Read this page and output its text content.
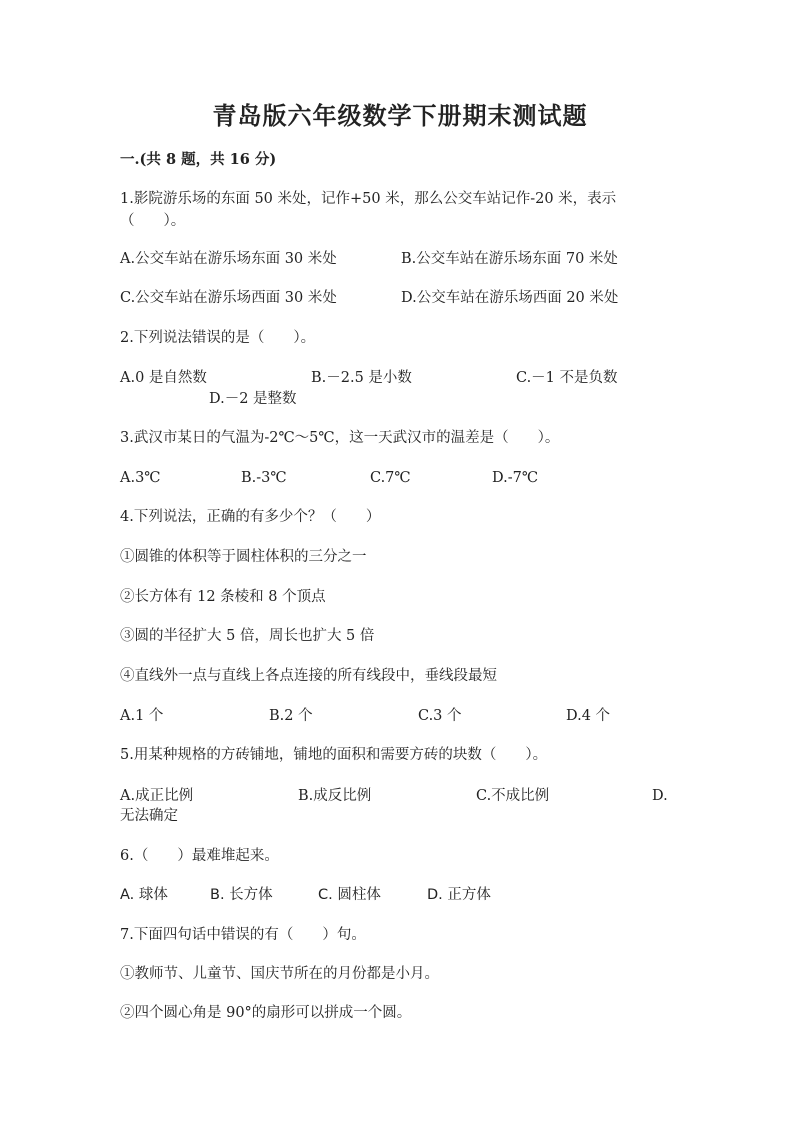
青岛版六年级数学下册期末测试题
一.(共 8 题，共 16 分)
1.影院游乐场的东面 50 米处，记作+50 米，那么公交车站记作-20 米，表示
（　　）。
A.公交车站在游乐场东面 30 米处	B.公交车站在游乐场东面 70 米处
C.公交车站在游乐场西面 30 米处	D.公交车站在游乐场西面 20 米处
2.下列说法错误的是（　　）。
A.0 是自然数	B.－2.5 是小数	C.－1 不是负数
D.－2 是整数
3.武汉市某日的气温为-2℃～5℃，这一天武汉市的温差是（　　）。
A.3℃	B.-3℃	C.7℃	D.-7℃
4.下列说法，正确的有多少个？（　　）
①圆锥的体积等于圆柱体积的三分之一
②长方体有 12 条棱和 8 个顶点
③圆的半径扩大 5 倍，周长也扩大 5 倍
④直线外一点与直线上各点连接的所有线段中，垂线段最短
A.1 个	B.2 个	C.3 个	D.4 个
5.用某种规格的方砖铺地，铺地的面积和需要方砖的块数（　　）。
A.成正比例	B.成反比例	C.不成比例	D.
无法确定
6.（　　）最难堆起来。
A. 球体	B. 长方体	C. 圆柱体	D. 正方体
7.下面四句话中错误的有（　　）句。
①教师节、儿童节、国庆节所在的月份都是小月。
②四个圆心角是 90°的扇形可以拼成一个圆。
